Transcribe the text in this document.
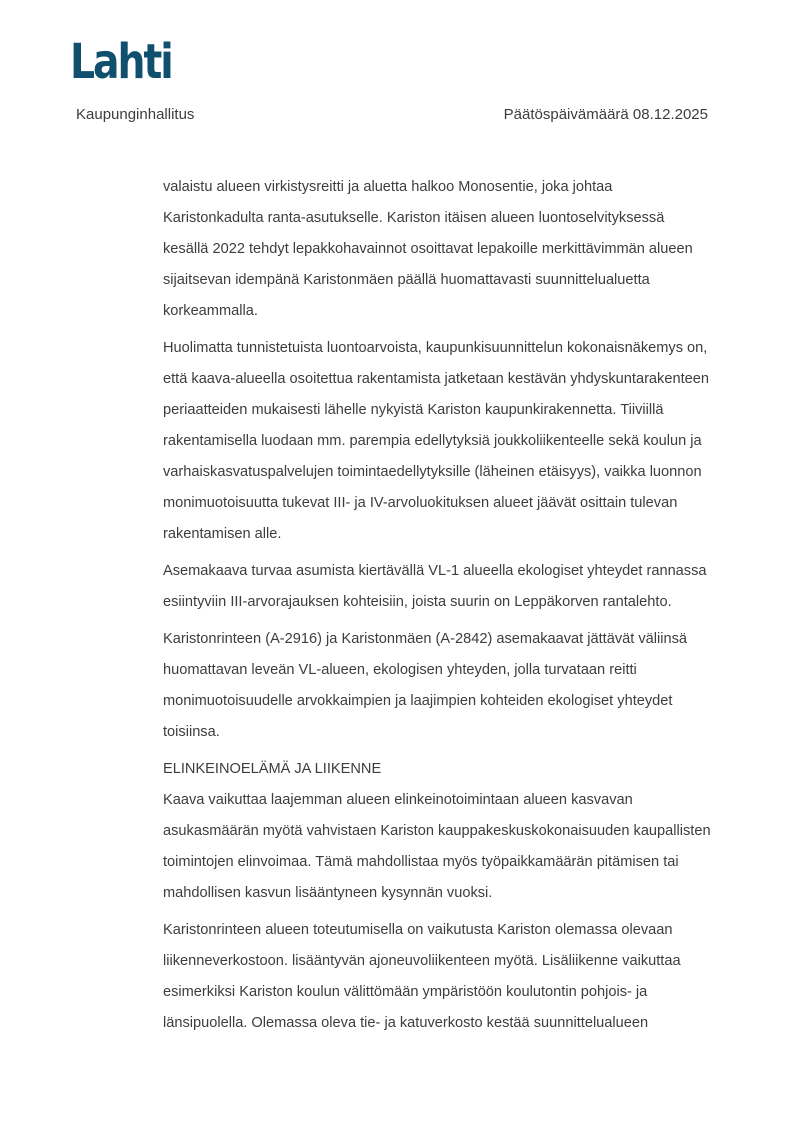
Lahti
Kaupunginhallitus	Päätöspäivämäärä 08.12.2025

valaistu alueen virkistysreitti ja aluetta halkoo Monosentie, joka johtaa Karistonkadulta ranta-asutukselle. Kariston itäisen alueen luontoselvityksessä kesällä 2022 tehdyt lepakkohavainnot osoittavat lepakoille merkittävimmän alueen sijaitsevan idempänä Karistonmäen päällä huomattavasti suunnittelualuetta korkeammalla.

Huolimatta tunnistetuista luontoarvoista, kaupunkisuunnittelun kokonaisnäkemys on, että kaava-alueella osoitettua rakentamista jatketaan kestävän yhdyskuntarakenteen periaatteiden mukaisesti lähelle nykyistä Kariston kaupunkirakennetta. Tiiviillä rakentamisella luodaan mm. parempia edellytyksiä joukkoliikenteelle sekä koulun ja varhaiskasvatuspalvelujen toimintaedellytyksille (läheinen etäisyys), vaikka luonnon monimuotoisuutta tukevat III- ja IV-arvoluokituksen alueet jäävät osittain tulevan rakentamisen alle.

Asemakaava turvaa asumista kiertävällä VL-1 alueella ekologiset yhteydet rannassa esiintyviin III-arvorajauksen kohteisiin, joista suurin on Leppäkorven rantalehto.

Karistonrinteen (A-2916) ja Karistonmäen (A-2842) asemakaavat jättävät väliinsä huomattavan leveän VL-alueen, ekologisen yhteyden, jolla turvataan reitti monimuotoisuudelle arvokkaimpien ja laajimpien kohteiden ekologiset yhteydet toisiinsa.

ELINKEINOELÄMÄ JA LIIKENNE

Kaava vaikuttaa laajemman alueen elinkeinotoimintaan alueen kasvavan asukasmäärän myötä vahvistaen Kariston kauppakeskuskokonaisuuden kaupallisten toimintojen elinvoimaa. Tämä mahdollistaa myös työpaikkamäärän pitämisen tai mahdollisen kasvun lisääntyneen kysynnän vuoksi.

Karistonrinteen alueen toteutumisella on vaikutusta Kariston olemassa olevaan liikenneverkostoon. lisääntyvän ajoneuvoliikenteen myötä. Lisäliikenne vaikuttaa esimerkiksi Kariston koulun välittömään ympäristöön koulutontin pohjois- ja länsipuolella. Olemassa oleva tie- ja katuverkosto kestää suunnittelualueen
